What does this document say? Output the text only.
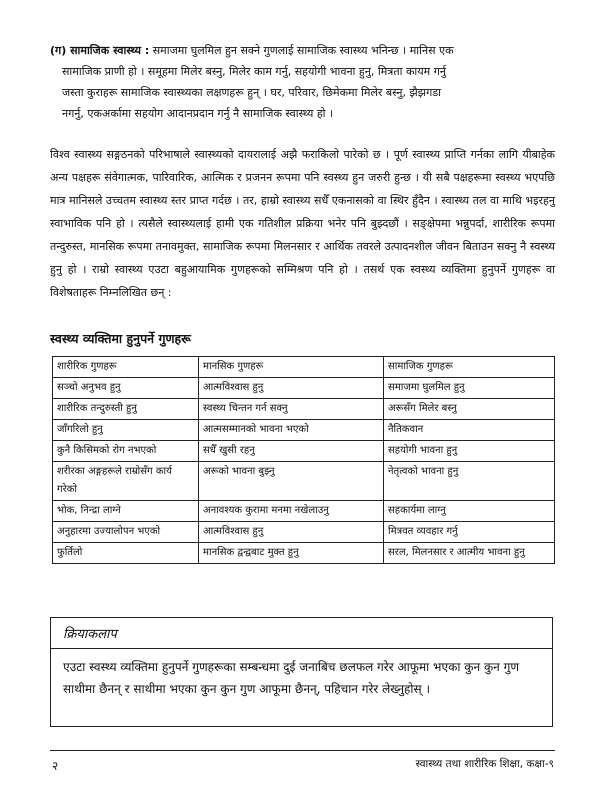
(ग) सामाजिक स्वास्थ्य : समाजमा घुलमिल हुन सक्ने गुणलाई सामाजिक स्वास्थ्य भनिन्छ । मानिस एक

सामाजिक प्राणी हो । समूहमा मिलेर बस्नु, मिलेर काम गर्नु, सहयोगी भावना हुनु, मित्रता कायम गर्नु
जस्ता कुराहरू सामाजिक स्वास्थ्यका लक्षणहरू हुन् । घर, परिवार, छिमेकमा मिलेर बस्नु, झैझगडा
नगर्नु, एकअर्कामा सहयोग आदानप्रदान गर्नु नै सामाजिक स्वास्थ्य हो ।

विश्व स्वास्थ्य सङ्गठनको परिभाषाले स्वास्थ्यको दायरालाई अझै फराकिलो पारेको छ । पूर्ण स्वास्थ्य प्राप्ति गर्नका लागि यीबाहेक अन्य पक्षहरू संवेगात्मक, पारिवारिक, आत्मिक र प्रजनन रूपमा पनि स्वस्थ्य हुन जरुरी हुन्छ । यी सबै पक्षहरूमा स्वस्थ्य भएपछि मात्र मानिसले उच्चतम स्वास्थ्य स्तर प्राप्त गर्दछ । तर, हाम्रो स्वास्थ्य सधैँ एकनासको वा स्थिर हुँदैन । स्वास्थ्य तल वा माथि भइरहनु स्वाभाविक पनि हो । त्यसैले स्वास्थ्यलाई हामी एक गतिशील प्रक्रिया भनेर पनि बुझ्दछौं । सङ्क्षेपमा भन्नुपर्दा, शारीरिक रूपमा तन्दुरुस्त, मानसिक रूपमा तनावमुक्त, सामाजिक रूपमा मिलनसार र आर्थिक तवरले उत्पादनशील जीवन बिताउन सक्नु नै स्वस्थ्य हुनु हो । राम्रो स्वास्थ्य एउटा बहुआयामिक गुणहरूको सम्मिश्रण पनि हो । तसर्थ एक स्वस्थ्य व्यक्तिमा हुनुपर्ने गुणहरू वा विशेषताहरू निम्नलिखित छन् :

स्वस्थ्य व्यक्तिमा हुनुपर्ने गुणहरू

शारीरिक गुणहरू	मानसिक गुणहरू	सामाजिक गुणहरू
सञ्चो अनुभव हुनु	आत्मविश्वास हुनु	समाजमा घुलमिल हुनु
शारीरिक तन्दुरुस्ती हुनु	स्वस्थ्य चिन्तन गर्न सक्नु	अरूसँग मिलेर बस्नु
जाँगरिलो हुनु	आत्मसम्मानको भावना भएको	नैतिकवान
कुनै किसिमको रोग नभएको	सधैँ खुसी रहनु	सहयोगी भावना हुनु
शरीरका अङ्गहरूले राम्रोसँग कार्य गरेको	अरूको भावना बुझ्नु	नेतृत्वको भावना हुनु
भोक, निन्द्रा लाग्ने	अनावश्यक कुरामा मनमा नखेलाउनु	सहकार्यमा लाग्नु
अनुहारमा उज्यालोपन भएको	आत्मविश्वास हुनु	मित्रवत व्यवहार गर्नु
फुर्तिलो	मानसिक द्वन्द्वबाट मुक्त हुनु	सरल, मिलनसार र आत्मीय भावना हुनु

क्रियाकलाप

एउटा स्वस्थ्य व्यक्तिमा हुनुपर्ने गुणहरूका सम्बन्धमा दुई जनाबिच छलफल गरेर आफूमा भएका कुन कुन गुण साथीमा छैनन् र साथीमा भएका कुन कुन गुण आफूमा छैनन्, पहिचान गरेर लेख्नुहोस् ।

२	स्वास्थ्य तथा शारीरिक शिक्षा, कक्षा-९
